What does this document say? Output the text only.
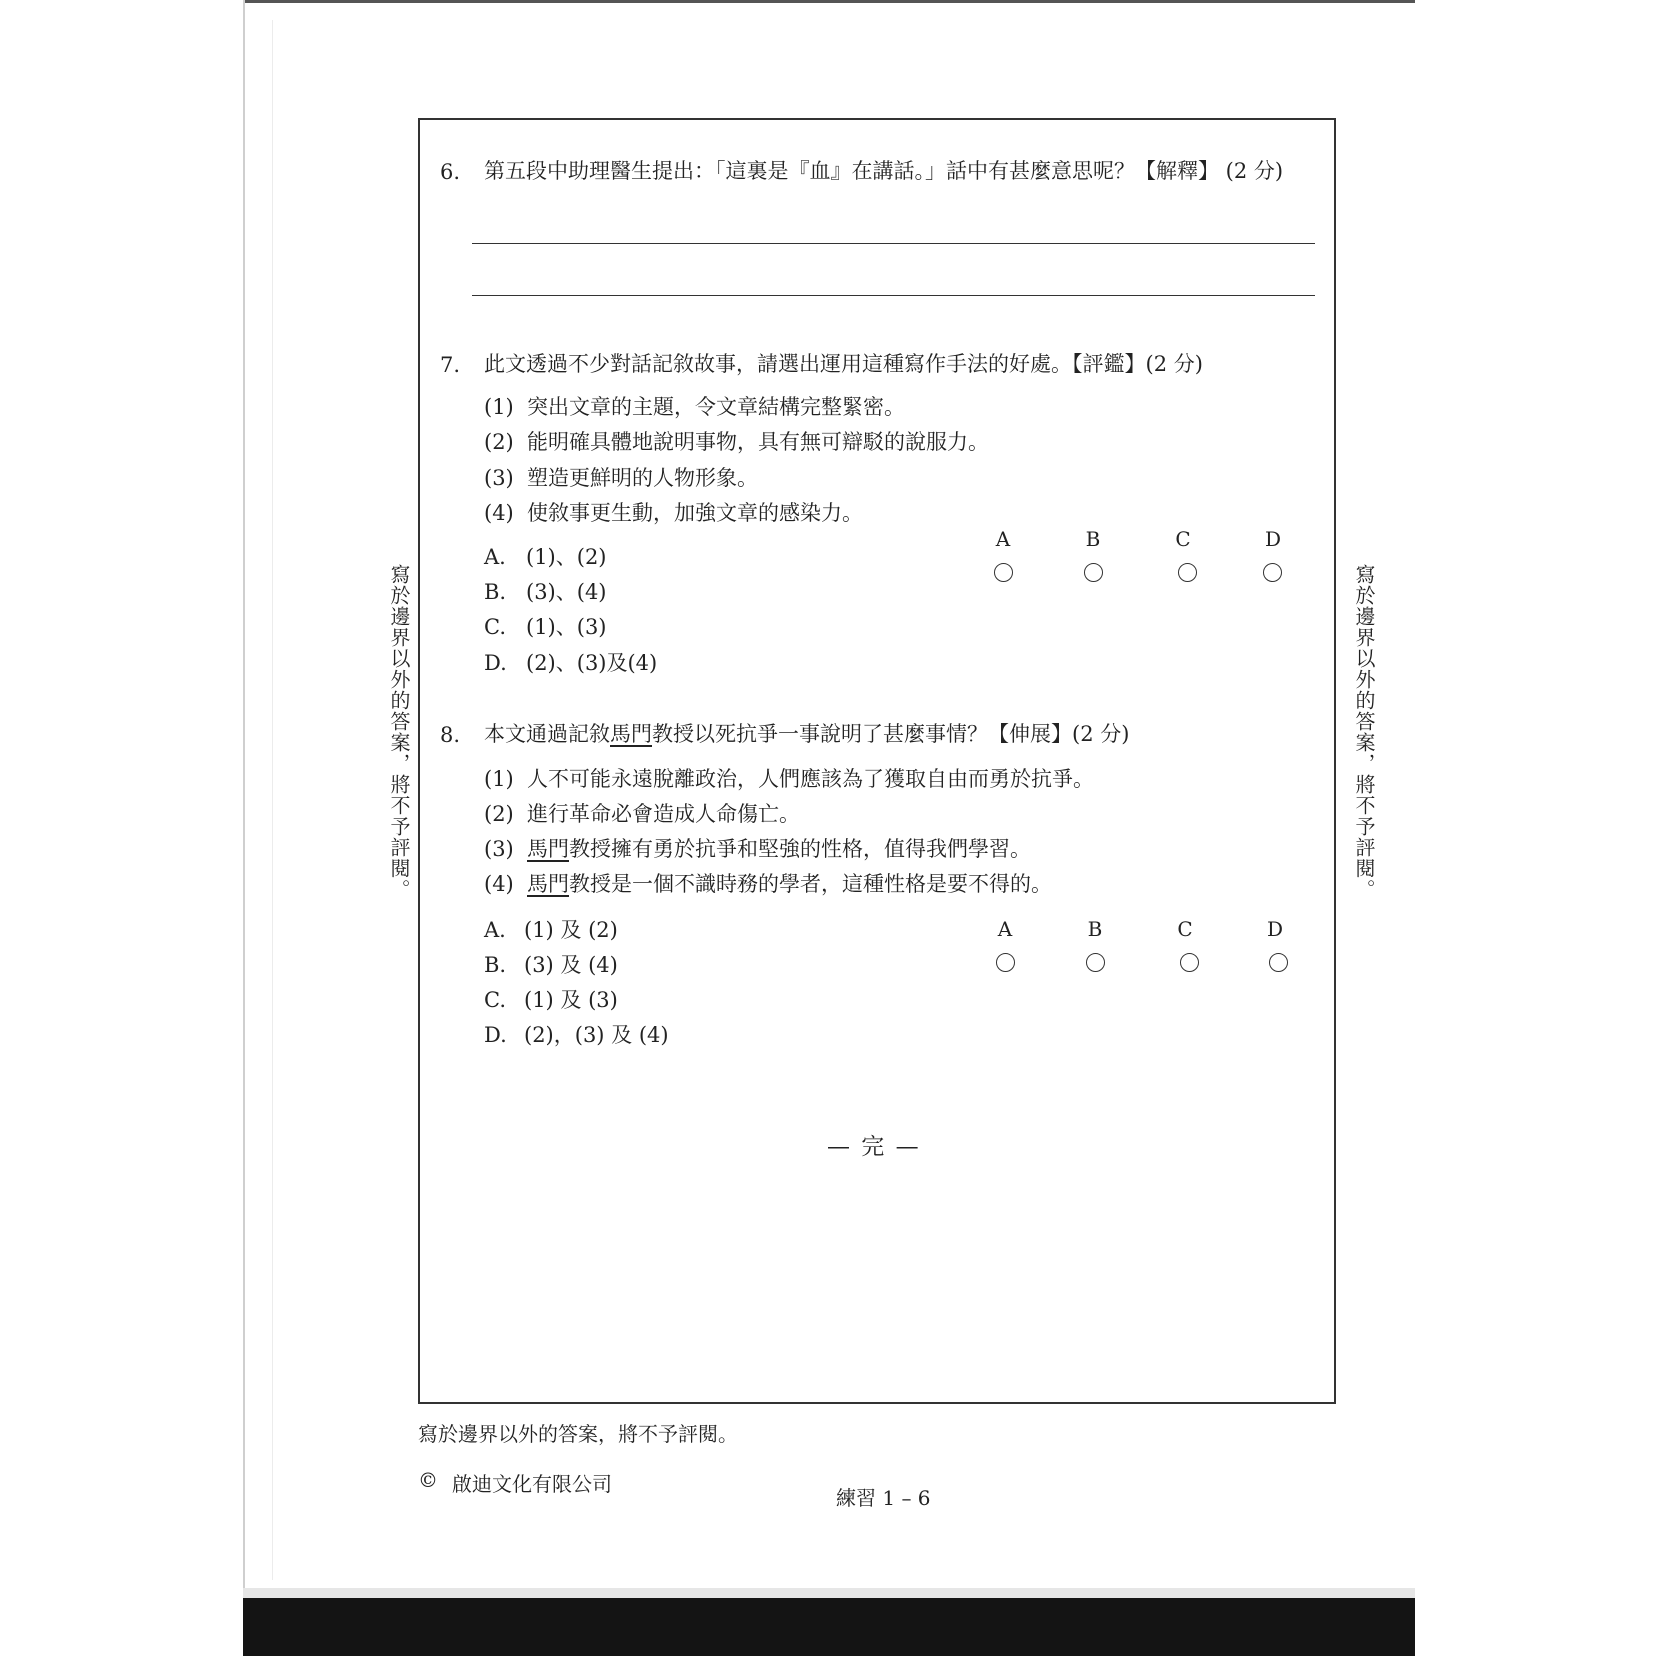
寫於邊界以外的答案，將不予評閱。	寫於邊界以外的答案，將不予評閱。
6. 第五段中助理醫生提出：「這裏是『血』在講話。」話中有甚麼意思呢？【解釋】 (2 分)
7. 此文透過不少對話記敘故事，請選出運用這種寫作手法的好處。【評鑑】(2 分)
(1) 突出文章的主題，令文章結構完整緊密。
(2) 能明確具體地說明事物，具有無可辯駁的說服力。
(3) 塑造更鮮明的人物形象。
(4) 使敘事更生動，加強文章的感染力。
A. (1)、(2)
B. (3)、(4)
C. (1)、(3)
D. (2)、(3)及(4)
A	B	C	D
8. 本文通過記敘馬門教授以死抗爭一事說明了甚麼事情？【伸展】(2 分)
(1) 人不可能永遠脫離政治，人們應該為了獲取自由而勇於抗爭。
(2) 進行革命必會造成人命傷亡。
(3) 馬門教授擁有勇於抗爭和堅強的性格，值得我們學習。
(4) 馬門教授是一個不識時務的學者，這種性格是要不得的。
A. (1) 及 (2)
B. (3) 及 (4)
C. (1) 及 (3)
D. (2)，(3) 及 (4)
A	B	C	D
— 完 —
寫於邊界以外的答案，將不予評閱。
© 啟迪文化有限公司
練習 1 – 6
